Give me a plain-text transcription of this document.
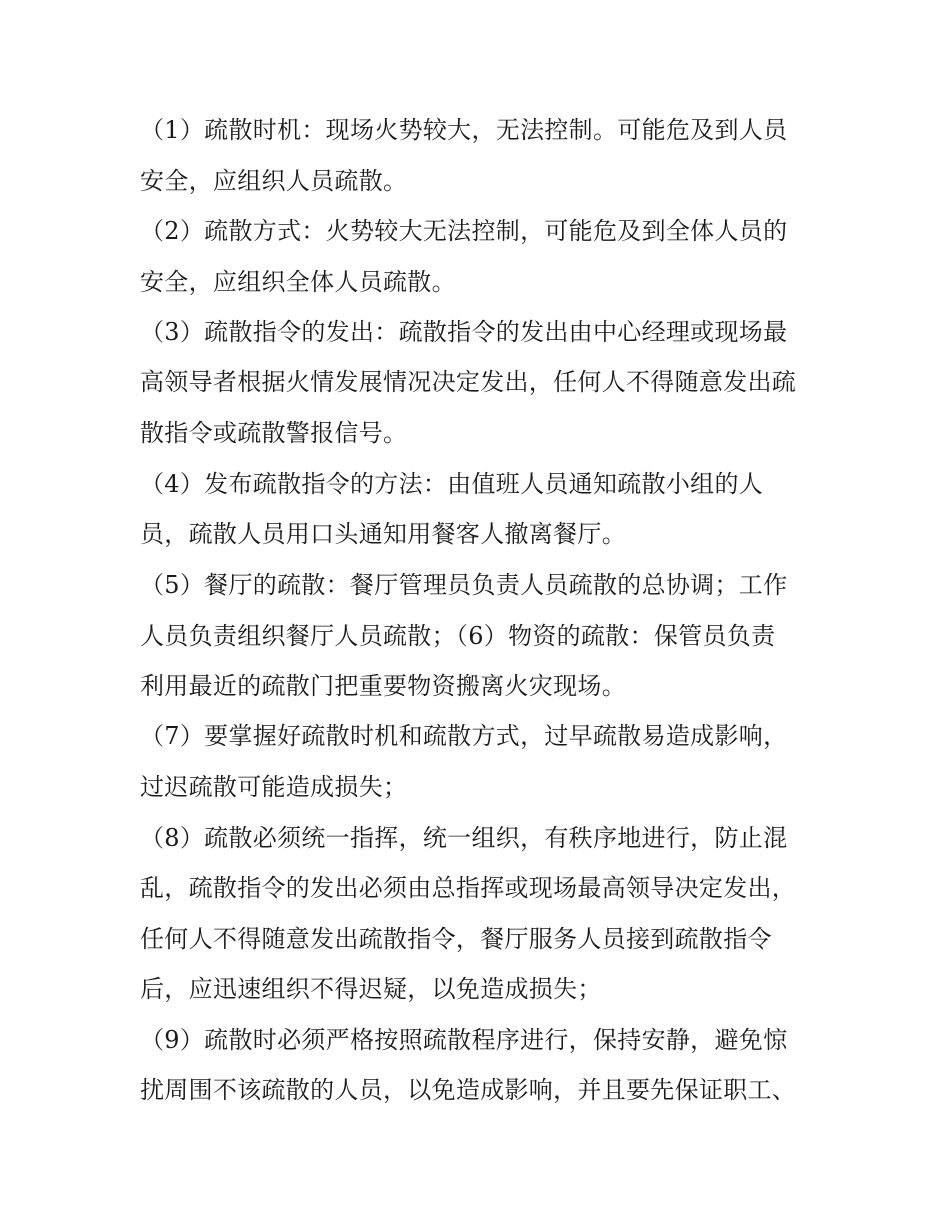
（1）疏散时机：现场火势较大，无法控制。可能危及到人员
安全，应组织人员疏散。
（2）疏散方式：火势较大无法控制，可能危及到全体人员的
安全，应组织全体人员疏散。
（3）疏散指令的发出：疏散指令的发出由中心经理或现场最
高领导者根据火情发展情况决定发出，任何人不得随意发出疏
散指令或疏散警报信号。
（4）发布疏散指令的方法：由值班人员通知疏散小组的人
员，疏散人员用口头通知用餐客人撤离餐厅。
（5）餐厅的疏散：餐厅管理员负责人员疏散的总协调；工作
人员负责组织餐厅人员疏散；（6）物资的疏散：保管员负责
利用最近的疏散门把重要物资搬离火灾现场。
（7）要掌握好疏散时机和疏散方式，过早疏散易造成影响，
过迟疏散可能造成损失；
（8）疏散必须统一指挥，统一组织，有秩序地进行，防止混
乱，疏散指令的发出必须由总指挥或现场最高领导决定发出，
任何人不得随意发出疏散指令，餐厅服务人员接到疏散指令
后，应迅速组织不得迟疑，以免造成损失；
（9）疏散时必须严格按照疏散程序进行，保持安静，避免惊
扰周围不该疏散的人员，以免造成影响，并且要先保证职工、
